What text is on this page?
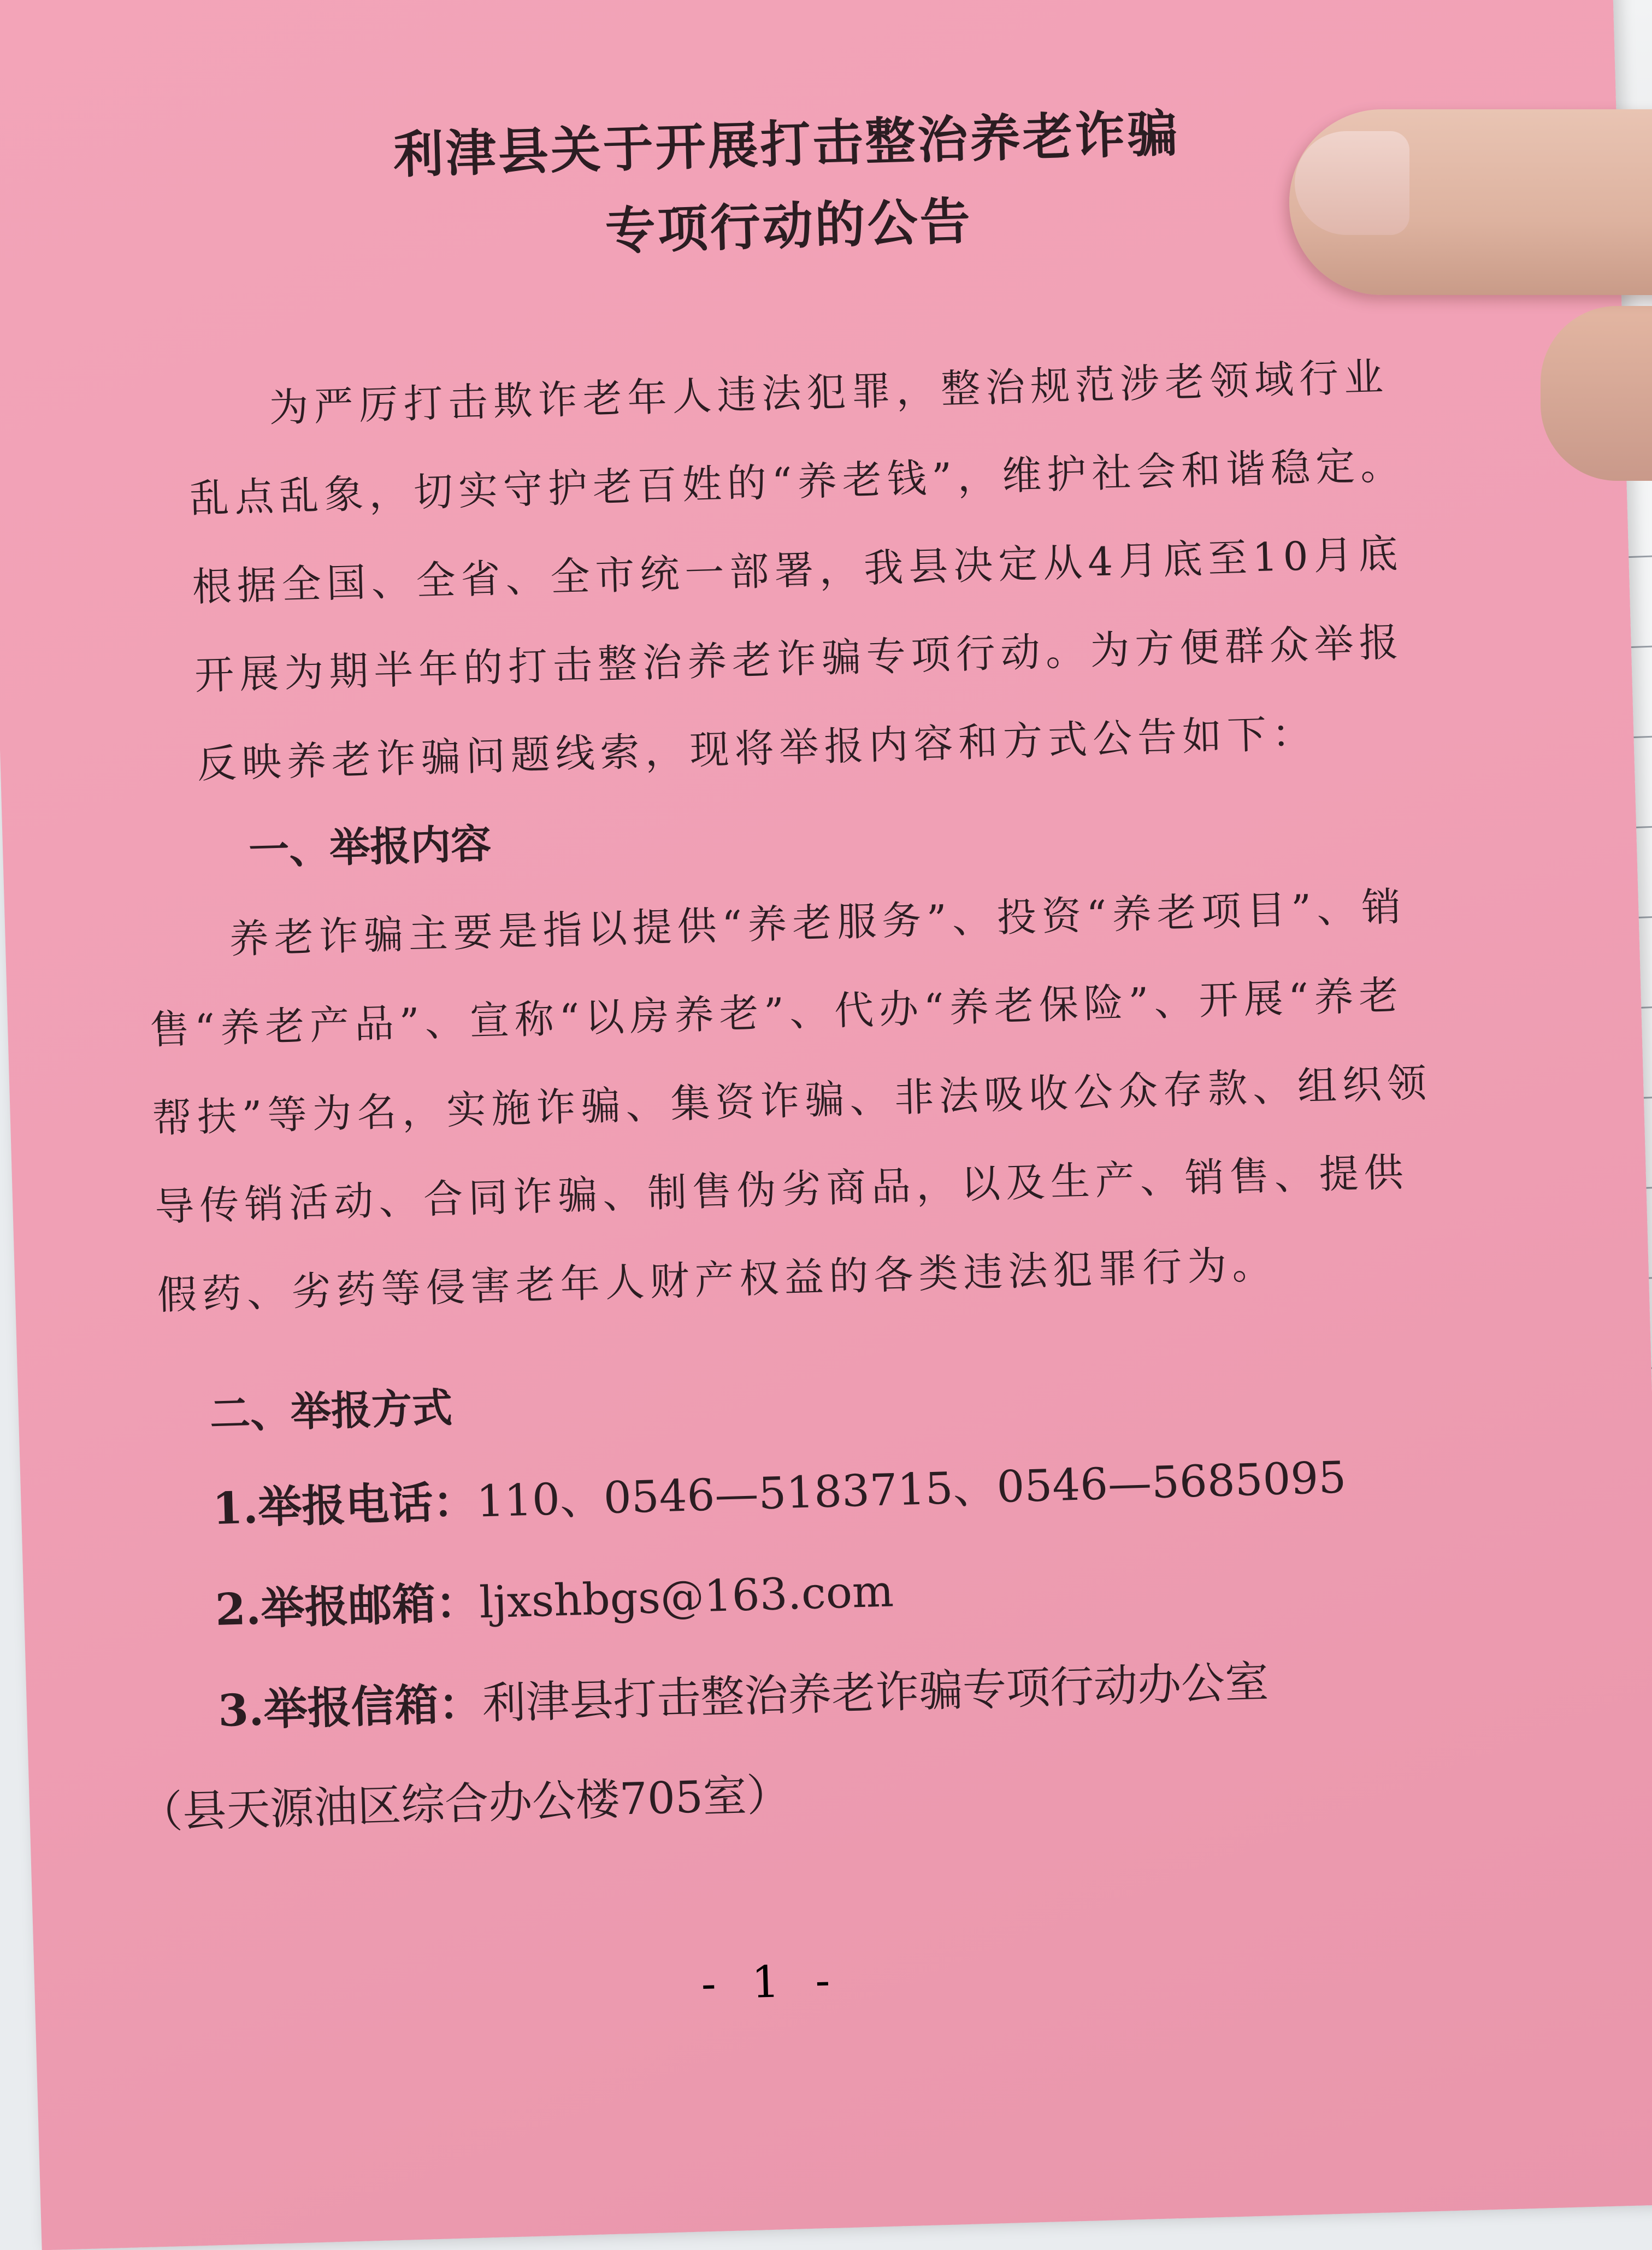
利津县关于开展打击整治养老诈骗
专项行动的公告

为严厉打击欺诈老年人违法犯罪，整治规范涉老领域行业乱点乱象，切实守护老百姓的“养老钱”，维护社会和谐稳定。根据全国、全省、全市统一部署，我县决定从4月底至10月底开展为期半年的打击整治养老诈骗专项行动。为方便群众举报反映养老诈骗问题线索，现将举报内容和方式公告如下：

一、举报内容

养老诈骗主要是指以提供“养老服务”、投资“养老项目”、销售“养老产品”、宣称“以房养老”、代办“养老保险”、开展“养老帮扶”等为名，实施诈骗、集资诈骗、非法吸收公众存款、组织领导传销活动、合同诈骗、制售伪劣商品，以及生产、销售、提供假药、劣药等侵害老年人财产权益的各类违法犯罪行为。

二、举报方式

1.举报电话：110、0546—5183715、0546—5685095

2.举报邮箱：ljxshbgs@163.com

3.举报信箱：利津县打击整治养老诈骗专项行动办公室

（县天源油区综合办公楼705室）

- 1 -
